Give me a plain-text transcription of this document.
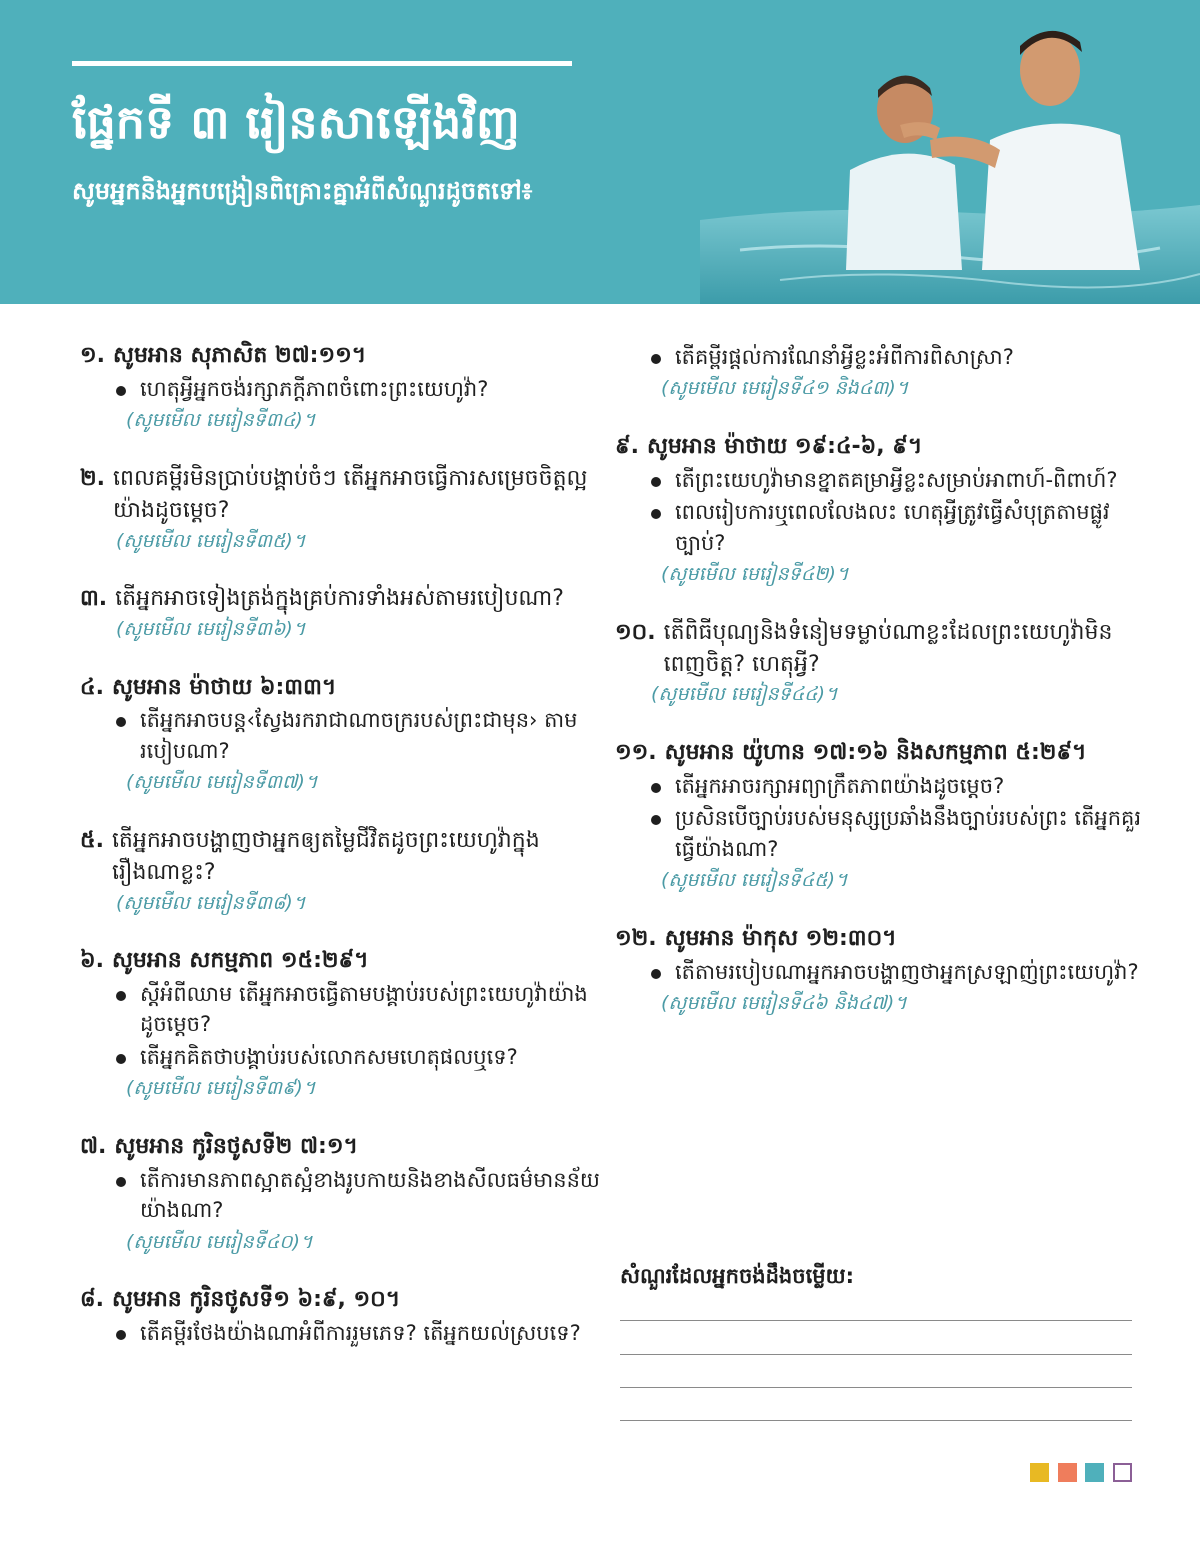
ផ្នែកទី ៣ រៀនសាឡើងវិញ
សូមអ្នកនិងអ្នកបង្រៀនពិគ្រោះគ្នាអំពីសំណួរដូចតទៅ៖
១. សូមអាន សុភាសិត ២៧:១១។
ហេតុអ្វីអ្នកចង់រក្សាភក្ដីភាពចំពោះព្រះយេហូវ៉ា?
(សូមមើល មេរៀនទី៣៤)។
២. ពេលគម្ពីរមិនប្រាប់បង្គាប់ចំៗ តើអ្នកអាចធ្វើការសម្រេចចិត្តល្អយ៉ាងដូចម្ដេច?
(សូមមើល មេរៀនទី៣៥)។
៣. តើអ្នកអាចទៀងត្រង់ក្នុងគ្រប់ការទាំងអស់តាមរបៀបណា?
(សូមមើល មេរៀនទី៣៦)។
៤. សូមអាន ម៉ាថាយ ៦:៣៣។
តើអ្នកអាចបន្ត‹ស្វែងរករាជាណាចក្ររបស់ព្រះជាមុន› តាមរបៀបណា?
(សូមមើល មេរៀនទី៣៧)។
៥. តើអ្នកអាចបង្ហាញថាអ្នកឲ្យតម្លៃជីវិតដូចព្រះយេហូវ៉ាក្នុងរឿងណាខ្លះ?
(សូមមើល មេរៀនទី៣៨)។
៦. សូមអាន សកម្មភាព ១៥:២៩។
ស្ដីអំពីឈាម តើអ្នកអាចធ្វើតាមបង្គាប់របស់ព្រះយេហូវ៉ាយ៉ាងដូចម្ដេច?
តើអ្នកគិតថាបង្គាប់របស់លោកសមហេតុផលឬទេ?
(សូមមើល មេរៀនទី៣៩)។
៧. សូមអាន កូរិនថូសទី២ ៧:១។
តើការមានភាពស្អាតស្អំខាងរូបកាយនិងខាងសីលធម៌មានន័យយ៉ាងណា?
(សូមមើល មេរៀនទី៤០)។
៨. សូមអាន កូរិនថូសទី១ ៦:៩, ១០។
តើគម្ពីរថែងយ៉ាងណាអំពីការរួមភេទ? តើអ្នកយល់ស្របទេ?
តើគម្ពីរផ្ដល់ការណែនាំអ្វីខ្លះអំពីការពិសាស្រា?
(សូមមើល មេរៀនទី៤១ និង៤៣)។
៩. សូមអាន ម៉ាថាយ ១៩:៤-៦, ៩។
តើព្រះយេហូវ៉ាមានខ្នាតគម្រាអ្វីខ្លះសម្រាប់អាពាហ៍-ពិពាហ៍?
ពេលរៀបការឬពេលលែងលះ ហេតុអ្វីត្រូវធ្វើសំបុត្រតាមផ្លូវច្បាប់?
(សូមមើល មេរៀនទី៤២)។
១០. តើពិធីបុណ្យនិងទំនៀមទម្លាប់ណាខ្លះដែលព្រះយេហូវ៉ាមិនពេញចិត្ត? ហេតុអ្វី?
(សូមមើល មេរៀនទី៤៤)។
១១. សូមអាន យ៉ូហាន ១៧:១៦ និងសកម្មភាព ៥:២៩។
តើអ្នកអាចរក្សាអព្យាក្រឹតភាពយ៉ាងដូចម្ដេច?
ប្រសិនបើច្បាប់របស់មនុស្សប្រឆាំងនឹងច្បាប់របស់ព្រះ តើអ្នកគួរធ្វើយ៉ាងណា?
(សូមមើល មេរៀនទី៤៥)។
១២. សូមអាន ម៉ាកុស ១២:៣០។
តើតាមរបៀបណាអ្នកអាចបង្ហាញថាអ្នកស្រឡាញ់ព្រះយេហូវ៉ា?
(សូមមើល មេរៀនទី៤៦ និង៤៧)។
សំណួរដែលអ្នកចង់ដឹងចម្លើយ:
